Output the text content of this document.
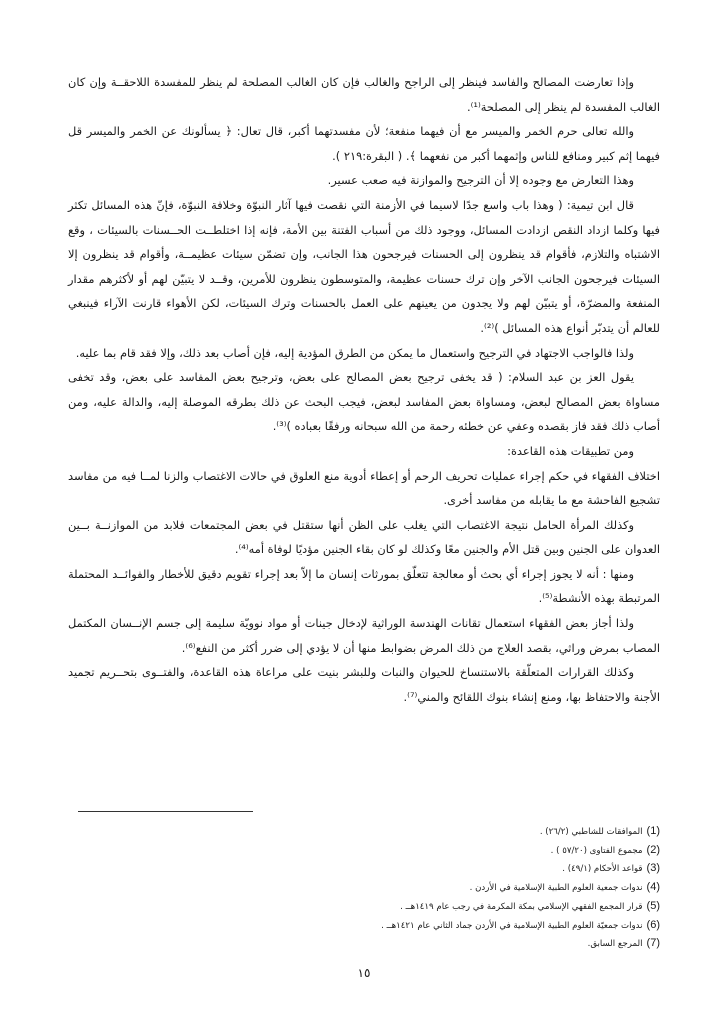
وإذا تعارضت المصالح والفاسد فينظر إلى الراجح والغالب فإن كان الغالب المصلحة لم ينظر للمفسدة اللاحقــة وإن كان الغالب المفسدة لم ينظر إلى المصلحة⁽¹⁾.

والله تعالى حرم الخمر والميسر مع أن فيهما منفعة؛ لأن مفسدتهما أكبر، قال تعال: ﴿ يسألونك عن الخمر والميسر قل فيهما إثم كبير ومنافع للناس وإثمهما أكبر من نفعهما ﴾. ( البقرة:٢١٩ ).

وهذا التعارض مع وجوده إلا أن الترجيح والموازنة فيه صعب عسير.

قال ابن تيمية: ( وهذا باب واسع جدًا لاسيما في الأزمنة التي نقصت فيها آثار النبوّة وخلافة النبوّة، فإنّ هذه المسائل تكثر فيها وكلما ازداد النقص ازدادت المسائل، ووجود ذلك من أسباب الفتنة بين الأمة، فإنه إذا اختلطــت الحــسنات بالسيئات ، وقع الاشتباه والتلازم، فأقوام قد ينظرون إلى الحسنات فيرجحون هذا الجانب، وإن تضمّن سيئات عظيمــة، وأقوام قد ينظرون إلا السيئات فيرجحون الجانب الآخر وإن ترك حسنات عظيمة، والمتوسطون ينظرون للأمرين، وقــد لا يتبيّن لهم أو لأكثرهم مقدار المنفعة والمضرّة، أو يتبيّن لهم ولا يجدون من يعينهم على العمل بالحسنات وترك السيئات، لكن الأهواء قارنت الآراء فينبغي للعالم أن يتدبّر أنواع هذه المسائل )⁽²⁾.

ولذا فالواجب الاجتهاد في الترجيح واستعمال ما يمكن من الطرق المؤدية إليه، فإن أصاب بعد ذلك، وإلا فقد قام بما عليه.

يقول العز بن عبد السلام: ( قد يخفى ترجيح بعض المصالح على بعض، وترجيح بعض المفاسد على بعض، وقد تخفى مساواة بعض المصالح لبعض، ومساواة بعض المفاسد لبعض، فيجب البحث عن ذلك بطرقه الموصلة إليه، والدالة عليه، ومن أصاب ذلك فقد فاز بقصده وعفي عن خطئه رحمة من الله سبحانه ورفقًا بعباده )⁽³⁾.

ومن تطبيقات هذه القاعدة:

اختلاف الفقهاء في حكم إجراء عمليات تحريف الرحم أو إعطاء أدوية منع العلوق في حالات الاغتصاب والزنا لمــا فيه من مفاسد تشجيع الفاحشة مع ما يقابله من مفاسد أخرى.

وكذلك المرأة الحامل نتيجة الاغتصاب التي يغلب على الظن أنها ستقتل في بعض المجتمعات فلابد من الموازنــة بــين العدوان على الجنين وبين قتل الأم والجنين معًا وكذلك لو كان بقاء الجنين مؤديًا لوفاة أمه⁽⁴⁾.

ومنها : أنه لا يجوز إجراء أي بحث أو معالجة تتعلّق بمورثات إنسان ما إلاّ بعد إجراء تقويم دقيق للأخطار والفوائــد المحتملة المرتبطة بهذه الأنشطة⁽⁵⁾.

ولذا أجاز بعض الفقهاء استعمال تقانات الهندسة الوراثية لإدخال جينات أو مواد نوويّة سليمة إلى جسم الإنــسان المكتمل المصاب بمرض وراثي، بقصد العلاج من ذلك المرض بضوابط منها أن لا يؤدي إلى ضرر أكثر من النفع⁽⁶⁾.

وكذلك القرارات المتعلّقة بالاستنساخ للحيوان والنبات وللبشر بنيت على مراعاة هذه القاعدة، والفتــوى بتحــريم تجميد الأجنة والاحتفاظ بها، ومنع إنشاء بنوك اللقائح والمني⁽⁷⁾.

(1)الموافقات للشاطبي (٢٦/٢) .
(2)مجموع الفتاوى (٥٧/٢٠ ) .
(3)قواعد الأحكام (٤٩/١) .
(4)ندوات جمعية العلوم الطبية الإسلامية في الأردن .
(5)قرار المجمع الفقهي الإسلامي بمكة المكرمة في رجب عام ١٤١٩هــ .
(6)ندوات جمعيّة العلوم الطبية الإسلامية في الأردن جماد الثاني عام ١٤٢١هــ .
(7)المرجع السابق.
١٥
